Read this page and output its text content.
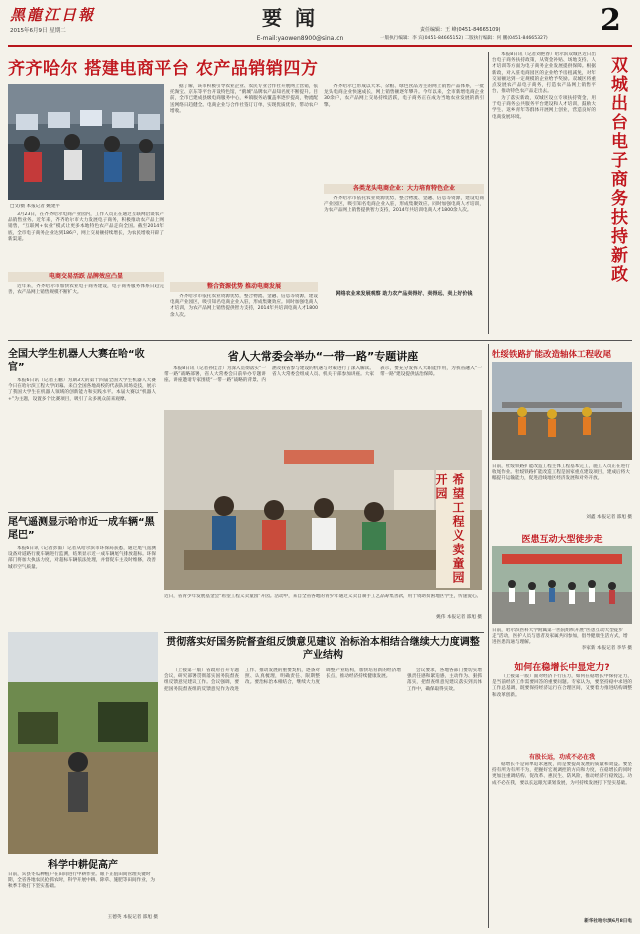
黑龍江日報
2015年6月9日 星期二
要 闻
E-mail:yaowen8900@sina.cn
责任编辑：王 峰(0451-84665109)
一版执行编辑：李 宾(0451-84665152) 二版执行编辑：何 鹏(0451-84665327)
2
齐齐哈尔 搭建电商平台 农产品销销四方
□文/摄 本报记者 姚建平

3月23日，在齐齐哈尔电商产业园内，工作人员正在通过互联网洽谈农产品销售业务。近年来，齐齐哈尔市大力发展电子商务，积极推动农产品上网销售，“互联网+农业”模式让更多本地特色农产品走向全国。截至2014年底，全市电子商务企业达到186户，网上交易额持续增长，为农民增收开辟了新渠道。

电商交易活跃 品牌效应凸显

近年来，齐齐哈尔市加快农业电子商务建设，电子商务服务体系日趋完善，农产品网上销售规模不断扩大。

据了解，该市积极引导农业企业、农民专业合作社开展网上营销，依托淘宝、京东等平台开设特色馆，“鹤城”品牌农产品知名度不断提升。目前，全市已建成县级电商服务中心，乡镇服务站覆盖率逐步提高，物流配送网络日趋健全。电商企业与合作社签订订单，实现优质优价，带动农户增收。

整合资源优势 推动电商发展

齐齐哈尔市依托农业资源优势，整合物流、金融、信息等资源，建设电商产业园区，吸引知名电商企业入驻，形成集聚效应。同时加强电商人才培训，为农产品网上销售提供智力支持，2014年共培训电商人才1800余人次。

各类龙头电商企业：大力培育特色企业

齐齐哈尔已形成以大米、杂粮、绿色食品为主的网上销售产品体系，一批龙头电商企业快速成长，网上销售额逐年攀升。今年以来，全市新增电商企业30余户，农产品网上交易持续活跃，电子商务正在成为当地农业发展的新引擎。

齐齐哈尔市依托农业资源优势，整合物流、金融、信息等资源，建设电商产业园区，吸引知名电商企业入驻，形成集聚效应。同时加强电商人才培训，为农产品网上销售提供智力支持，2014年共培训电商人才1800余人次。

网络农业来发展观察 助力农产品卖得好、卖得远、卖上好价钱

本报8日讯（记者刘艳春）哈尔滨双城区近日出台电子商务扶持政策，从资金补贴、场地支持、人才培训等方面为电子商务企业发展提供保障。根据新政，对入驻电商园区的企业给予房租减免，对年交易额达到一定规模的企业给予奖励。双城区将重点发展农产品电子商务，打造农产品网上销售平台，推动特色农产品走出去。

为了落实新政，双城区设立专项扶持资金，用于电子商务公共服务平台建设和人才培训，鼓励大学生、返乡青年等群体开展网上创业，营造良好的电商发展环境。	双城出台电子商务扶持新政
全国大学生机器人大赛在哈“收官”

本报6日讯（记者王鹏）为期3天的第十四届全国大学生机器人大赛今日在哈尔滨工程大学闭幕。来自全国各地高校的代表队同场竞技，展示了我国大学生在机器人领域的创新能力和实践水平。本届大赛以“机器人+”为主题，设置多个比赛项目，吸引了众多观众前来观摩。

尾气遥测显示哈市近一成车辆“黑尾巴”

本报6日讯（记者彭溢）记者从哈尔滨市环保局获悉，通过尾气遥测设备对道路行驶车辆进行监测，结果显示近一成车辆尾气排放超标。环保部门将加大执法力度，对超标车辆依法处理，并督促车主及时维修，改善城市空气质量。

省人大常委会举办“一带一路”专题讲座

本报8日讯（记者孙佳音）为深入贯彻落实“一带一路”战略部署，省人大常委会日前举办专题讲座。讲座邀请专家围绕“一带一路”战略的背景、内涵及我省参与建设的机遇与对策进行了深入解读。省人大常委会组成人员、机关干部参加讲座。大家表示，要充分发挥人大职能作用，为我省融入“一带一路”建设提供法治保障。

希望工程义卖童园开园
近日，省青少年发展基金会“希望工程义卖童园”开园。活动中，来自全省各地的青少年通过义卖自制手工艺品筹集善款，用于资助贫困地区学生，传递爱心。
姚伟 本报记者 邵旭 摄
牡绥铁路扩能改造轴体工程收尾
日前，牡绥铁路扩能改造工程主体工程基本完工，施工人员正在进行收尾作业。牡绥铁路扩能改造工程是国家重点建设项目，建成后将大幅提升运输能力，促进沿线地区经济发展和对外开放。
刘鑫 本报记者 邵旭 摄
医患互动大型徒步走
日前，哈尔滨医科大学附属第一医院组织开展“医患互动大型徒步走”活动，医护人员与患者及家属共同参加，倡导健康生活方式，增进医患沟通与理解。
李家新 本报记者 李华 摄
如何在稳增长中显定力?

（上接第一版）面对经济下行压力，如何在稳增长中保持定力，是当前经济工作需要回答的重要问题。专家认为，要坚持稳中求进的工作总基调，既要保持经济运行在合理区间，又要着力推进结构调整和改革创新。

有股长远，功成不必在我

稳增长不是简单追求速度，而是要提高发展的质量和效益。要坚持有所为有所不为，把握好宏观调控的方向和力度，在稳增长的同时更加注重调结构、促改革、惠民生、防风险，推动经济行稳致远。功成不必在我，要以长远眼光谋划发展，为可持续发展打下坚实基础。

新华社哈尔滨6月8日电
贯彻落实好国务院督查组反馈意见建议 治标治本相结合继续大力度调整产业结构

（上接第一版）省政府召开专题会议，研究部署贯彻落实国务院督查组反馈意见建议工作。会议强调，要把国务院督查组的反馈意见作为改进工作、推动发展的重要契机，逐条对照、认真梳理，明确责任、限期整改。要治标治本相结合，继续大力度调整产业结构，加快培育新的经济增长点，推动经济持续健康发展。

会议要求，各地各部门要切实增强责任感和紧迫感，主动作为、狠抓落实，把督查组意见建议落实到具体工作中，确保取得实效。

科学中耕促高产
日前，宾县冬瓜种植户在田间进行中耕作业。眼下正值田间管理关键时期，全省各地农民抢抓农时，科学开展中耕、除草、施肥等田间作业，为秋季丰收打下坚实基础。
王德英 本报记者 邵旭 摄
